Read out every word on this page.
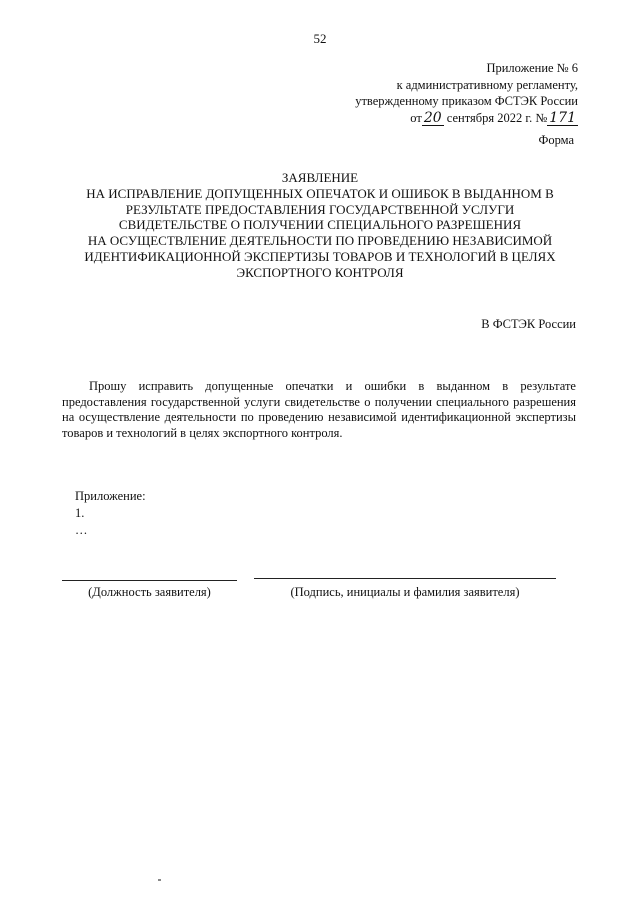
52
Приложение № 6
к административному регламенту,
утвержденному приказом ФСТЭК России
от 20 сентября 2022 г. № 171
Форма
ЗАЯВЛЕНИЕ
НА ИСПРАВЛЕНИЕ ДОПУЩЕННЫХ ОПЕЧАТОК И ОШИБОК В ВЫДАННОМ В
РЕЗУЛЬТАТЕ ПРЕДОСТАВЛЕНИЯ ГОСУДАРСТВЕННОЙ УСЛУГИ
СВИДЕТЕЛЬСТВЕ О ПОЛУЧЕНИИ СПЕЦИАЛЬНОГО РАЗРЕШЕНИЯ
НА ОСУЩЕСТВЛЕНИЕ ДЕЯТЕЛЬНОСТИ ПО ПРОВЕДЕНИЮ НЕЗАВИСИМОЙ
ИДЕНТИФИКАЦИОННОЙ ЭКСПЕРТИЗЫ ТОВАРОВ И ТЕХНОЛОГИЙ В ЦЕЛЯХ
ЭКСПОРТНОГО КОНТРОЛЯ
В ФСТЭК России
Прошу исправить допущенные опечатки и ошибки в выданном в результате предоставления государственной услуги свидетельстве о получении специального разрешения на осуществление деятельности по проведению независимой идентификационной экспертизы товаров и технологий в целях экспортного контроля.
Приложение:
1.
…
(Должность заявителя)	(Подпись, инициалы и фамилия заявителя)
